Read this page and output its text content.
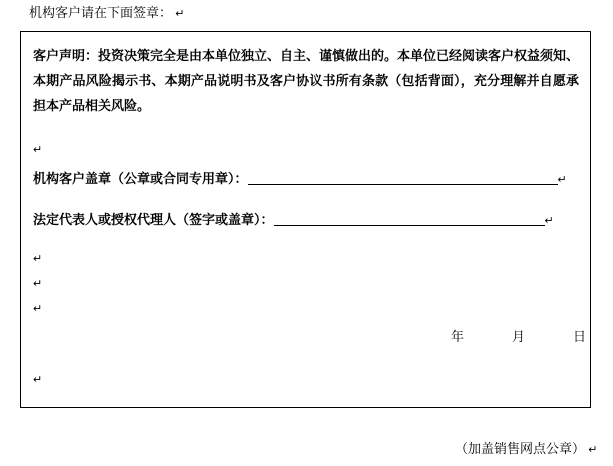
机构客户请在下面签章： ↵
客户声明：投资决策完全是由本单位独立、自主、谨慎做出的。本单位已经阅读客户权益须知、本期产品风险揭示书、本期产品说明书及客户协议书所有条款（包括背面），充分理解并自愿承担本产品相关风险。
↵
机构客户盖章（公章或合同专用章）：	↵
法定代表人或授权代理人（签字或盖章）：	↵
↵
↵
↵
年	月	日
↵
（加盖销售网点公章） ↵
